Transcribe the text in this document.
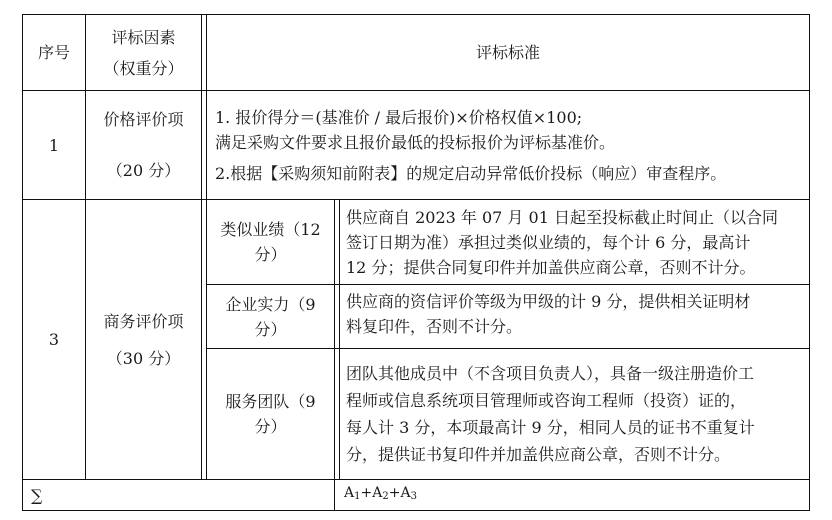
序号
评标因素
（权重分）
评标标准
1
价格评价项
（20 分）
1. 报价得分＝(基准价 / 最后报价)×价格权值×100;
满足采购文件要求且报价最低的投标报价为评标基准价。
2.根据【采购须知前附表】的规定启动异常低价投标（响应）审查程序。
3
商务评价项
（30 分）
类似业绩（12
分）
供应商自 2023 年 07 月 01 日起至投标截止时间止（以合同
签订日期为准）承担过类似业绩的，每个计 6 分，最高计
12 分；提供合同复印件并加盖供应商公章，否则不计分。
企业实力（9
分）
供应商的资信评价等级为甲级的计 9 分，提供相关证明材
料复印件，否则不计分。
服务团队（9
分）
团队其他成员中（不含项目负责人），具备一级注册造价工
程师或信息系统项目管理师或咨询工程师（投资）证的，
每人计 3 分，本项最高计 9 分，相同人员的证书不重复计
分，提供证书复印件并加盖供应商公章，否则不计分。
∑	$A_1+A_2+A_3$
